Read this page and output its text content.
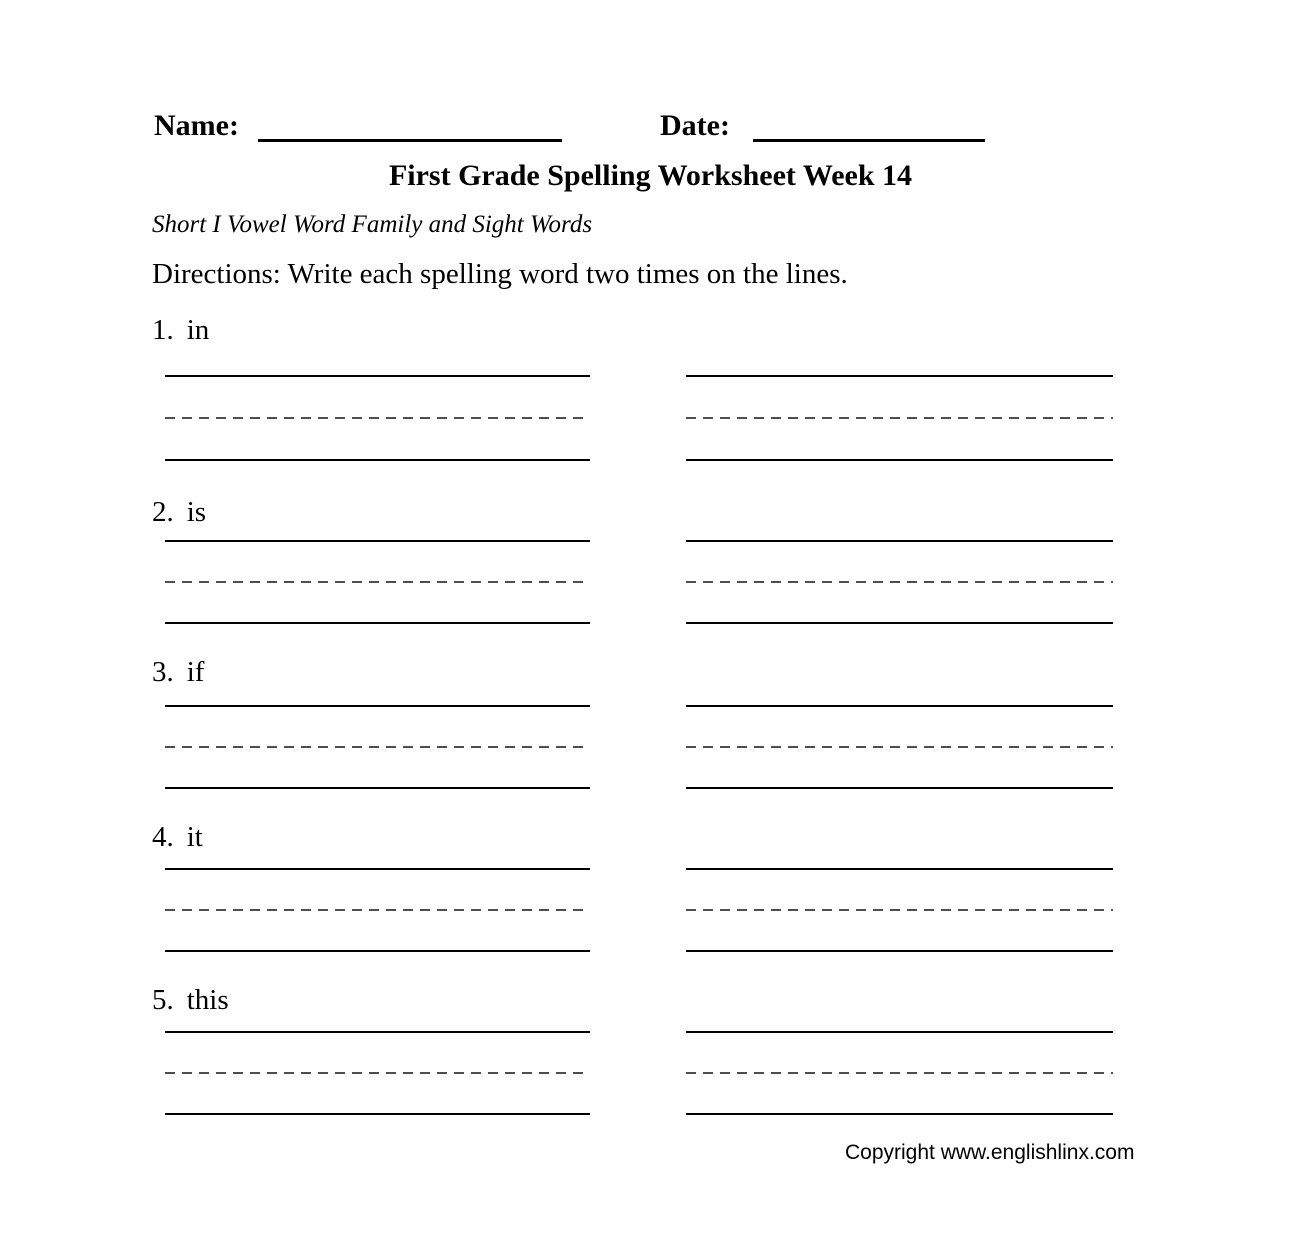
Name:	Date:
First Grade Spelling Worksheet Week 14
Short I Vowel Word Family and Sight Words
Directions: Write each spelling word two times on the lines.
1. in
2. is
3. if
4. it
5. this
Copyright www.englishlinx.com
